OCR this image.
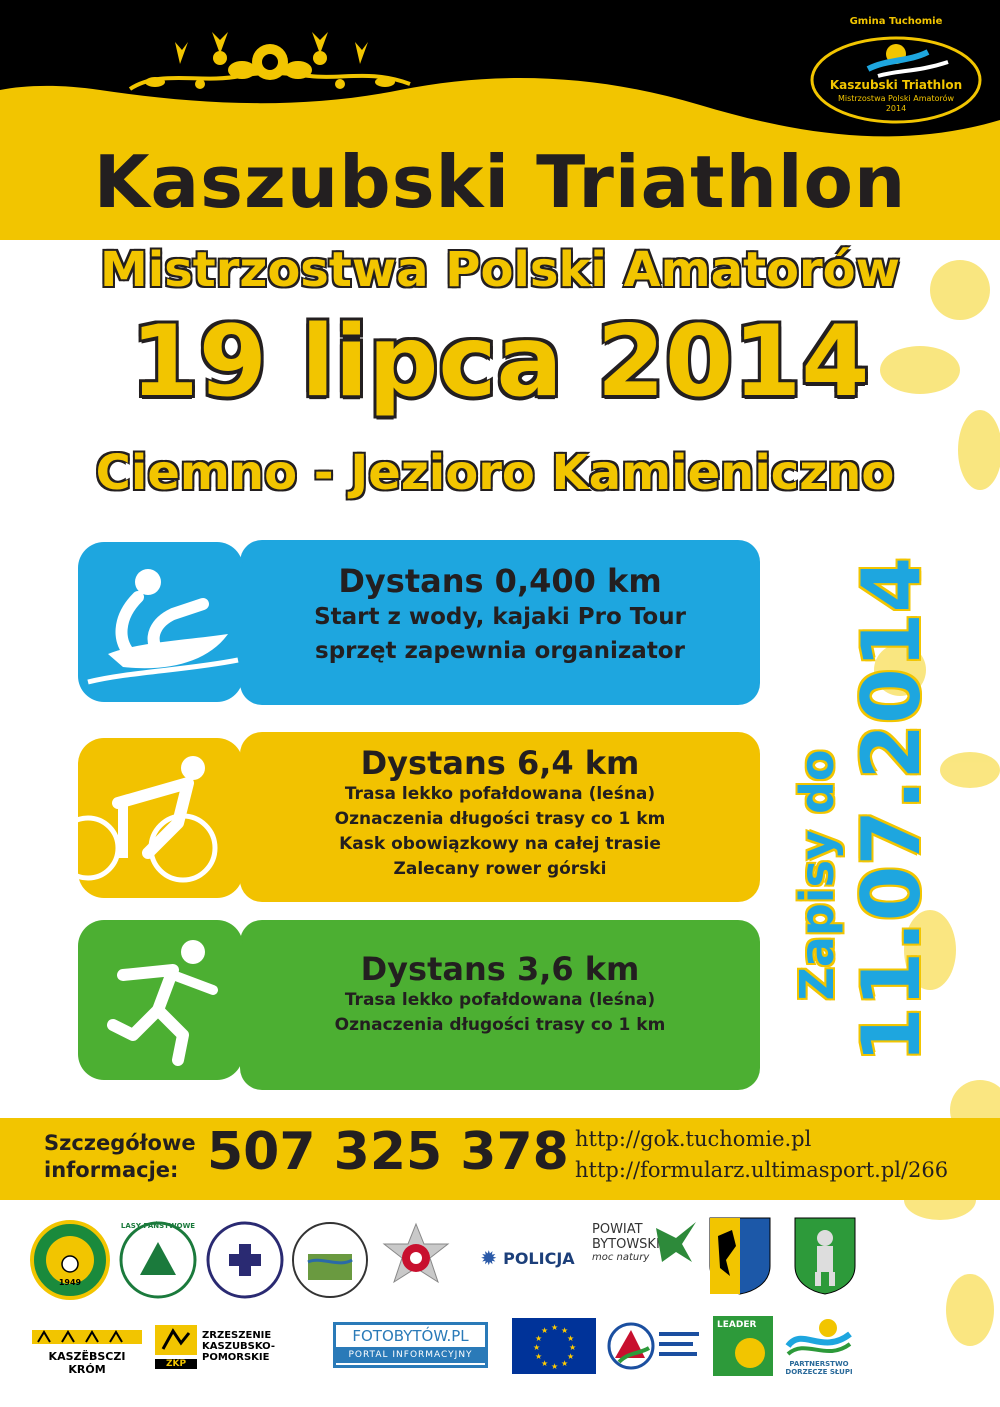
Gmina Tuchomie
Kaszubski Triathlon
Mistrzostwa Polski Amatorów
2014
Kaszubski Triathlon
Mistrzostwa Polski Amatorów
19 lipca 2014
Ciemno - Jezioro Kamieniczno
Dystans 0,400 km
Start z wody, kajaki Pro Tour
sprzęt zapewnia organizator
Dystans 6,4 km
Trasa lekko pofałdowana (leśna)
Oznaczenia długości trasy co 1 km
Kask obowiązkowy na całej trasie
Zalecany rower górski
Dystans 3,6 km
Trasa lekko pofałdowana (leśna)
Oznaczenia długości trasy co 1 km
Zapisy do 11.07.2014
Szczegółowe
informacje: 507 325 378 http://gok.tuchomie.pl
http://formularz.ultimasport.pl/266
1949
LASY PAŃSTWOWE
✹ POLICJA
POWIAT
BYTOWSKI
moc natury
KASZËBSCZI KRÓM	ZKP
ZRZESZENIE
KASZUBSKO-POMORSKIE
FOTOBYTÓW.PL
PORTAL INFORMACYJNY
★ ★
★
★
★
★
★
★
★
★
★
★
LEADER
PARTNERSTWO
DORZECZE SŁUPI
